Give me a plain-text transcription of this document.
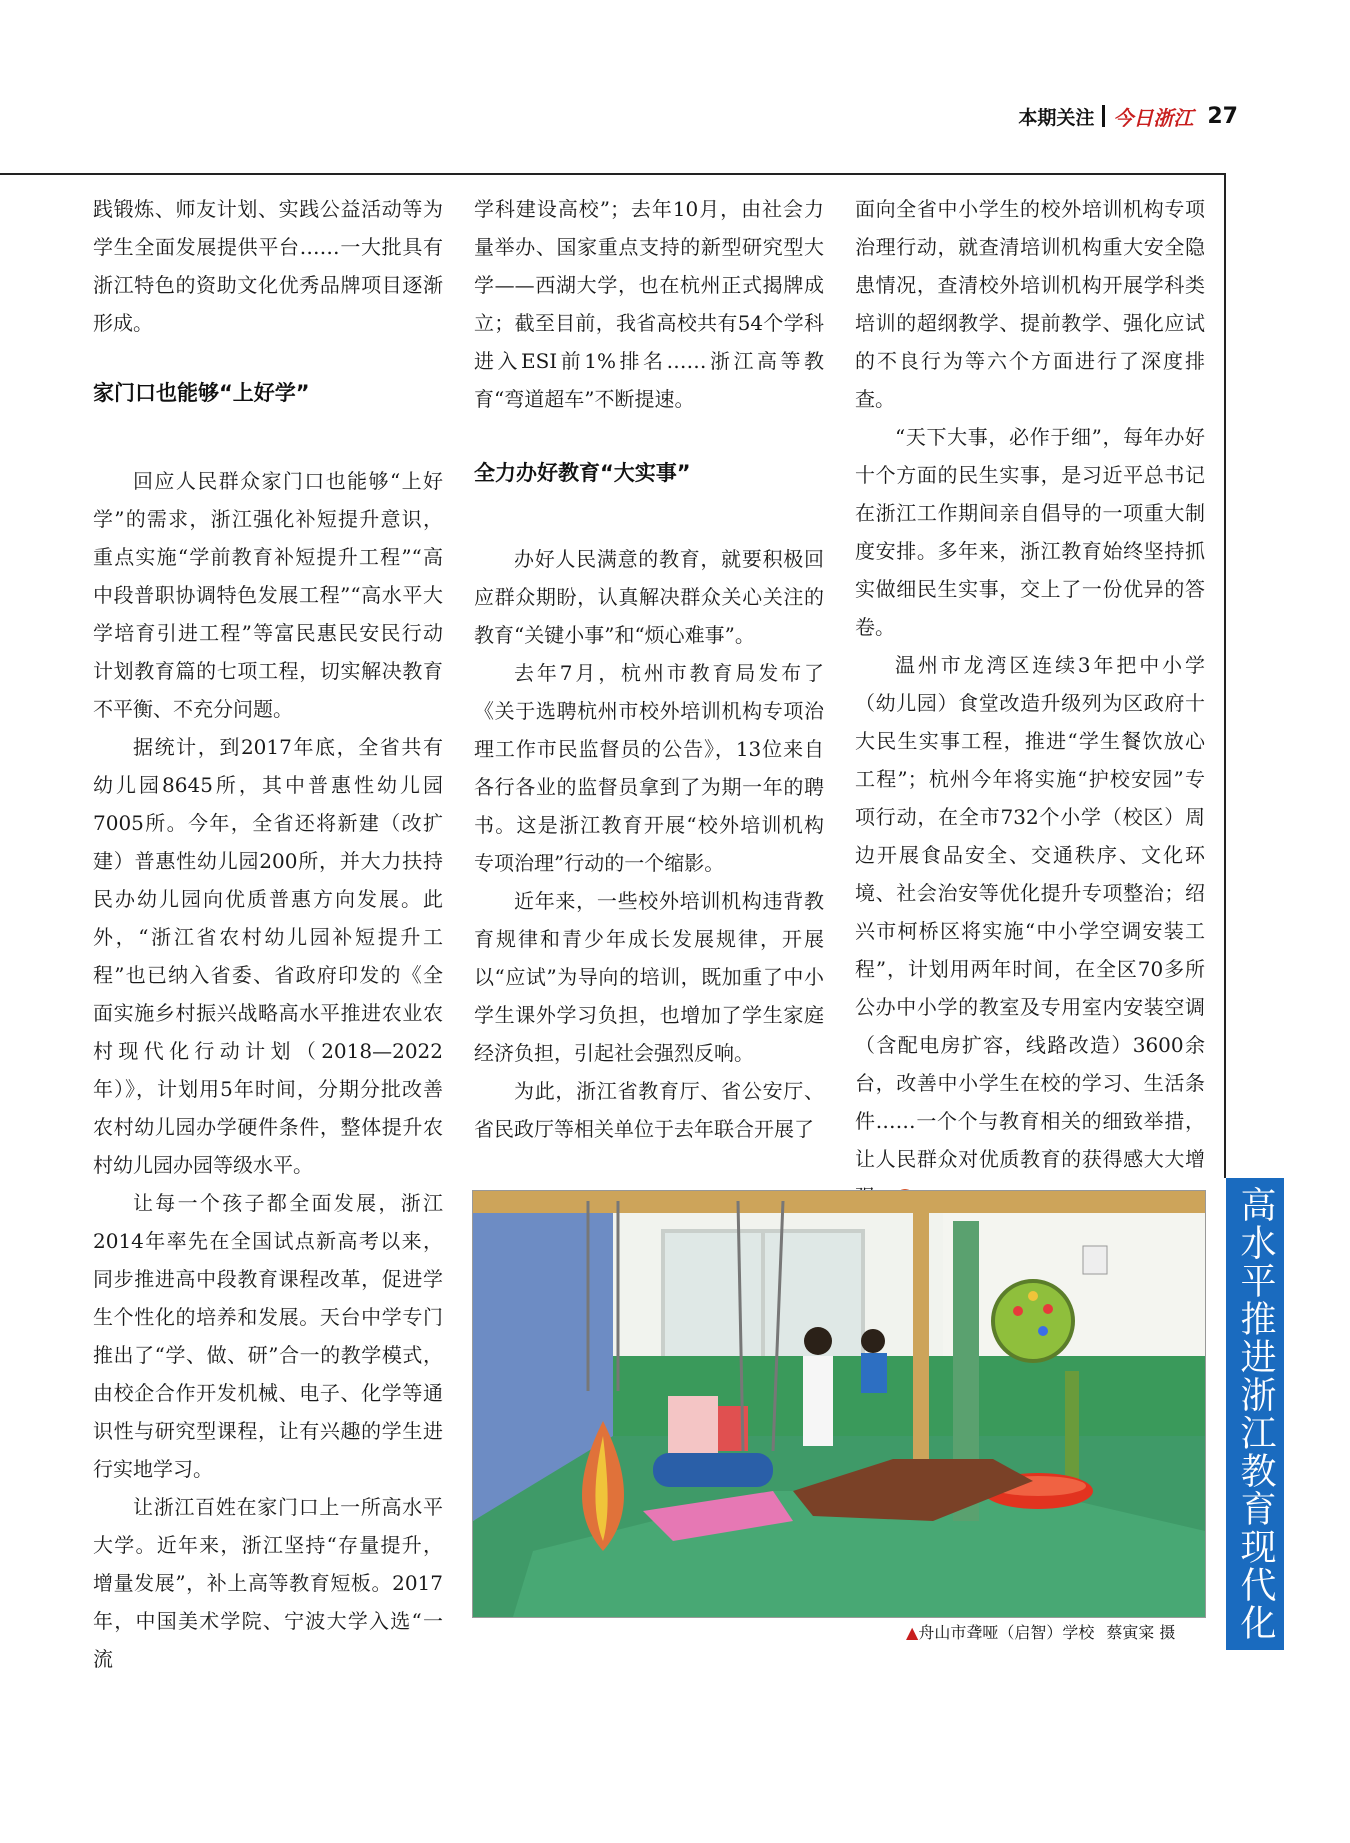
本期关注 今日浙江 27

践锻炼、师友计划、实践公益活动等为学生全面发展提供平台……一大批具有浙江特色的资助文化优秀品牌项目逐渐形成。

家门口也能够“上好学”

回应人民群众家门口也能够“上好学”的需求，浙江强化补短提升意识，重点实施“学前教育补短提升工程”“高中段普职协调特色发展工程”“高水平大学培育引进工程”等富民惠民安民行动计划教育篇的七项工程，切实解决教育不平衡、不充分问题。

据统计，到2017年底，全省共有幼儿园8645所，其中普惠性幼儿园7005所。今年，全省还将新建（改扩建）普惠性幼儿园200所，并大力扶持民办幼儿园向优质普惠方向发展。此外，“浙江省农村幼儿园补短提升工程”也已纳入省委、省政府印发的《全面实施乡村振兴战略高水平推进农业农村现代化行动计划（2018—2022年）》，计划用5年时间，分期分批改善农村幼儿园办学硬件条件，整体提升农村幼儿园办园等级水平。

让每一个孩子都全面发展，浙江2014年率先在全国试点新高考以来，同步推进高中段教育课程改革，促进学生个性化的培养和发展。天台中学专门推出了“学、做、研”合一的教学模式，由校企合作开发机械、电子、化学等通识性与研究型课程，让有兴趣的学生进行实地学习。

让浙江百姓在家门口上一所高水平大学。近年来，浙江坚持“存量提升，增量发展”，补上高等教育短板。2017年，中国美术学院、宁波大学入选“一流

学科建设高校”；去年10月，由社会力量举办、国家重点支持的新型研究型大学——西湖大学，也在杭州正式揭牌成立；截至目前，我省高校共有54个学科进入ESI前1%排名……浙江高等教育“弯道超车”不断提速。

全力办好教育“大实事”

办好人民满意的教育，就要积极回应群众期盼，认真解决群众关心关注的教育“关键小事”和“烦心难事”。

去年7月，杭州市教育局发布了《关于选聘杭州市校外培训机构专项治理工作市民监督员的公告》，13位来自各行各业的监督员拿到了为期一年的聘书。这是浙江教育开展“校外培训机构专项治理”行动的一个缩影。

近年来，一些校外培训机构违背教育规律和青少年成长发展规律，开展以“应试”为导向的培训，既加重了中小学生课外学习负担，也增加了学生家庭经济负担，引起社会强烈反响。

为此，浙江省教育厅、省公安厅、省民政厅等相关单位于去年联合开展了

面向全省中小学生的校外培训机构专项治理行动，就查清培训机构重大安全隐患情况，查清校外培训机构开展学科类培训的超纲教学、提前教学、强化应试的不良行为等六个方面进行了深度排查。

“天下大事，必作于细”，每年办好十个方面的民生实事，是习近平总书记在浙江工作期间亲自倡导的一项重大制度安排。多年来，浙江教育始终坚持抓实做细民生实事，交上了一份优异的答卷。

温州市龙湾区连续3年把中小学（幼儿园）食堂改造升级列为区政府十大民生实事工程，推进“学生餐饮放心工程”；杭州今年将实施“护校安园”专项行动，在全市732个小学（校区）周边开展食品安全、交通秩序、文化环境、社会治安等优化提升专项整治；绍兴市柯桥区将实施“中小学空调安装工程”，计划用两年时间，在全区70多所公办中小学的教室及专用室内安装空调（含配电房扩容，线路改造）3600余台，改善中小学生在校的学习、生活条件……一个个与教育相关的细致举措，让人民群众对优质教育的获得感大大增

高水平推进浙江教育现代化
▲舟山市聋哑（启智）学校 蔡寅寀 摄
